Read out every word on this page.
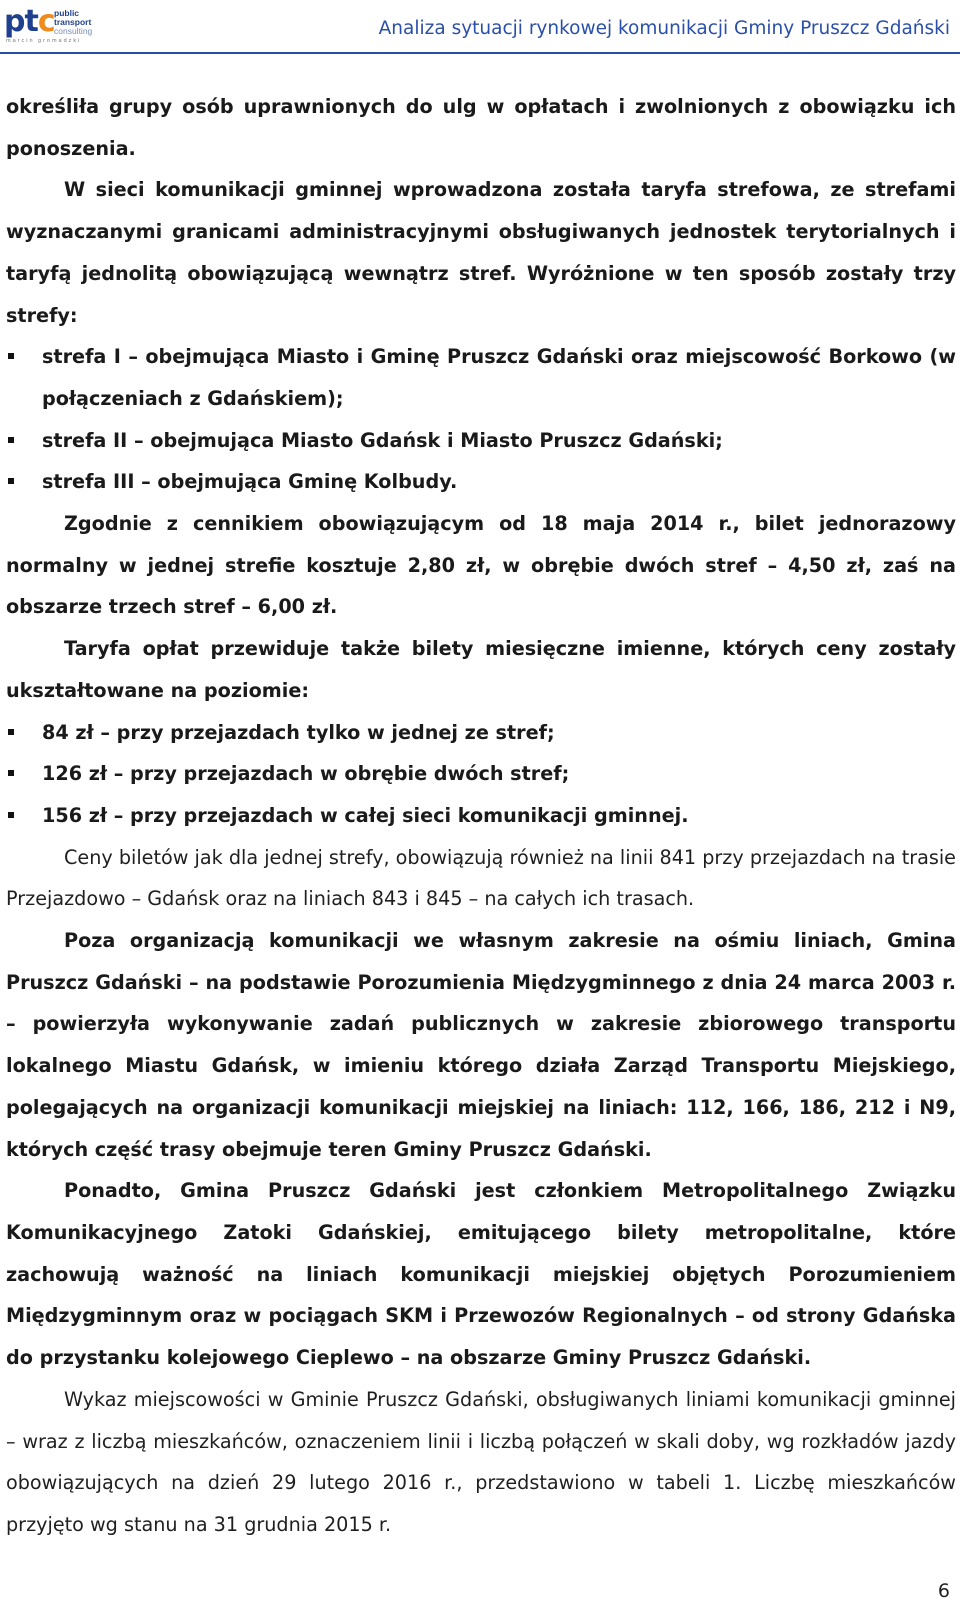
ptc public
transport
consulting
marcin gromadzki
Analiza sytuacji rynkowej komunikacji Gminy Pruszcz Gdański

określiła grupy osób uprawnionych do ulg w opłatach i zwolnionych z obowiązku ich ponoszenia.

W sieci komunikacji gminnej wprowadzona została taryfa strefowa, ze strefami wyznaczanymi granicami administracyjnymi obsługiwanych jednostek terytorialnych i taryfą jednolitą obowiązującą wewnątrz stref. Wyróżnione w ten sposób zostały trzy strefy:

strefa I – obejmująca Miasto i Gminę Pruszcz Gdański oraz miejscowość Borkowo (w połączeniach z Gdańskiem);
strefa II – obejmująca Miasto Gdańsk i Miasto Pruszcz Gdański;
strefa III – obejmująca Gminę Kolbudy.

Zgodnie z cennikiem obowiązującym od 18 maja 2014 r., bilet jednorazowy normalny w jednej strefie kosztuje 2,80 zł, w obrębie dwóch stref – 4,50 zł, zaś na obszarze trzech stref – 6,00 zł.

Taryfa opłat przewiduje także bilety miesięczne imienne, których ceny zostały ukształtowane na poziomie:

84 zł – przy przejazdach tylko w jednej ze stref;
126 zł – przy przejazdach w obrębie dwóch stref;
156 zł – przy przejazdach w całej sieci komunikacji gminnej.

Ceny biletów jak dla jednej strefy, obowiązują również na linii 841 przy przejazdach na trasie Przejazdowo – Gdańsk oraz na liniach 843 i 845 – na całych ich trasach.

Poza organizacją komunikacji we własnym zakresie na ośmiu liniach, Gmina Pruszcz Gdański – na podstawie Porozumienia Międzygminnego z dnia 24 marca 2003 r. – powierzyła wykonywanie zadań publicznych w zakresie zbiorowego transportu lokalnego Miastu Gdańsk, w imieniu którego działa Zarząd Transportu Miejskiego, polegających na organizacji komunikacji miejskiej na liniach: 112, 166, 186, 212 i N9, których część trasy obejmuje teren Gminy Pruszcz Gdański.

Ponadto, Gmina Pruszcz Gdański jest członkiem Metropolitalnego Związku Komunikacyjnego Zatoki Gdańskiej, emitującego bilety metropolitalne, które zachowują ważność na liniach komunikacji miejskiej objętych Porozumieniem Międzygminnym oraz w pociągach SKM i Przewozów Regionalnych – od strony Gdańska do przystanku kolejowego Cieplewo – na obszarze Gminy Pruszcz Gdański.

Wykaz miejscowości w Gminie Pruszcz Gdański, obsługiwanych liniami komunikacji gminnej – wraz z liczbą mieszkańców, oznaczeniem linii i liczbą połączeń w skali doby, wg rozkładów jazdy obowiązujących na dzień 29 lutego 2016 r., przedstawiono w tabeli 1. Liczbę mieszkańców przyjęto wg stanu na 31 grudnia 2015 r.

6
